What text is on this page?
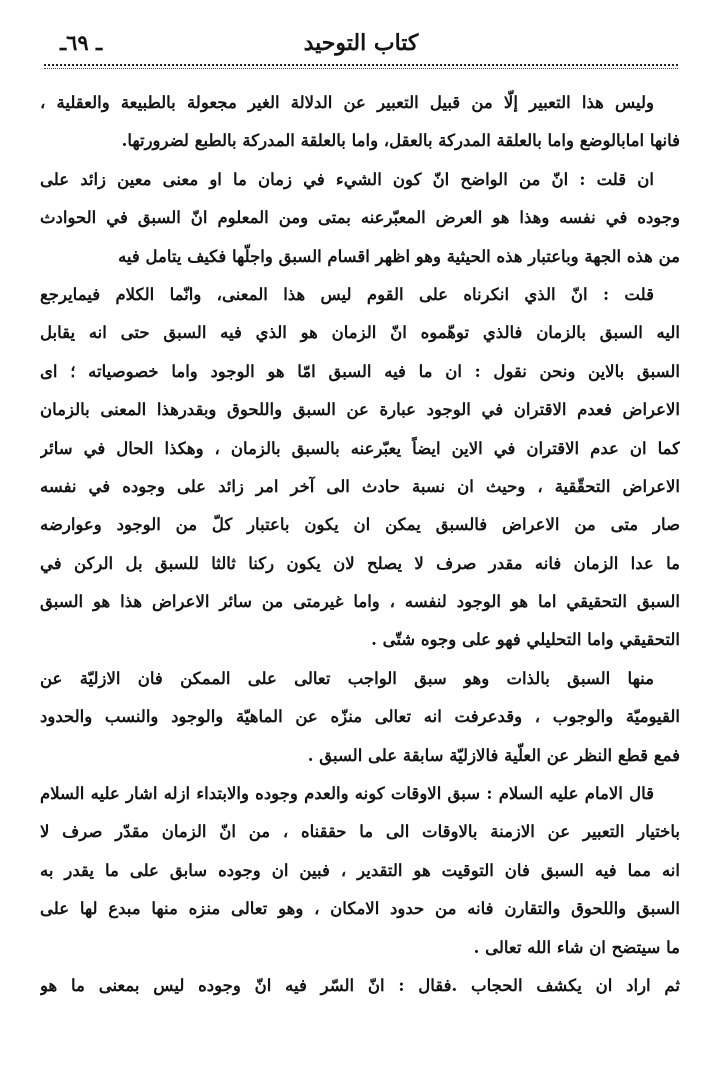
كتاب التوحيد
ـ ٦٩ـ
وليس هذا التعبير إلّا من قبيل التعبير عن الدلالة الغير مجعولة بالطبيعة والعقلية ،
فانها امابالوضع واما بالعلقة المدركة بالعقل، واما بالعلقة المدركة بالطبع لضرورتها.
ان قلت : انّ من الواضح انّ كون الشيء في زمان ما او معنى معين زائد على
وجوده في نفسه وهذا هو العرض المعبّرعنه بمتى ومن المعلوم انّ السبق في الحوادث
من هذه الجهة وباعتبار هذه الحيثية وهو اظهر اقسام السبق واجلّها فكيف يتامل فيه
قلت : انّ الذي انكرناه على القوم ليس هذا المعنى، وانّما الكلام فيمايرجع
اليه السبق بالزمان فالذي توهّموه انّ الزمان هو الذي فيه السبق حتى انه يقابل
السبق بالاين ونحن نقول : ان ما فيه السبق امّا هو الوجود واما خصوصياته ؛ اى
الاعراض فعدم الاقتران في الوجود عبارة عن السبق واللحوق وبقدرهذا المعنى بالزمان
كما ان عدم الاقتران في الاين ايضاً يعبّرعنه بالسبق بالزمان ، وهكذا الحال في سائر
الاعراض التحقّقية ، وحيث ان نسبة حادث الى آخر امر زائد على وجوده في نفسه
صار متى من الاعراض فالسبق يمكن ان يكون باعتبار كلّ من الوجود وعوارضه
ما عدا الزمان فانه مقدر صرف لا يصلح لان يكون ركنا ثالثا للسبق بل الركن في
السبق التحقيقي اما هو الوجود لنفسه ، واما غيرمتى من سائر الاعراض هذا هو السبق
التحقيقي واما التحليلي فهو على وجوه شتّى .
منها السبق بالذات وهو سبق الواجب تعالى على الممكن فان الازليّة عن
القيوميّة والوجوب ، وقدعرفت انه تعالى منزّه عن الماهيّة والوجود والنسب والحدود
فمع قطع النظر عن العلّية فالازليّة سابقة على السبق .
قال الامام عليه السلام : سبق الاوقات كونه والعدم وجوده والابتداء ازله اشار عليه السلام
باختيار التعبير عن الازمنة بالاوقات الى ما حققناه ، من انّ الزمان مقدّر صرف لا
انه مما فيه السبق فان التوقيت هو التقدير ، فبين ان وجوده سابق على ما يقدر به
السبق واللحوق والتقارن فانه من حدود الامكان ، وهو تعالى منزه منها مبدع لها على
ما سيتضح ان شاء الله تعالى .
ثم اراد ان يكشف الحجاب .فقال : انّ السّر فيه انّ وجوده ليس بمعنى ما هو
